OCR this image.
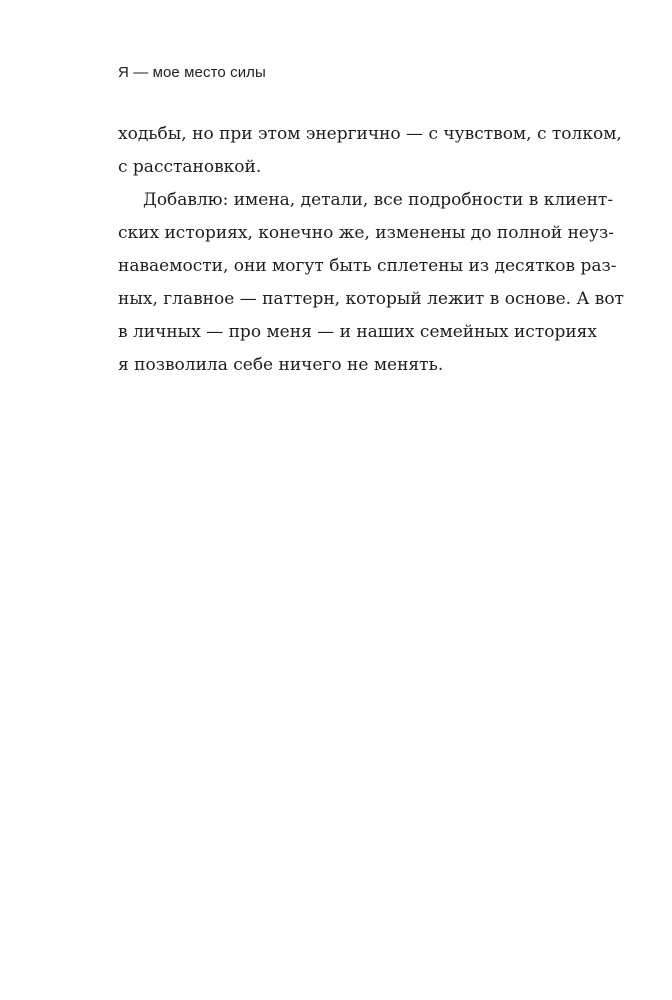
Я — мое место силы
ходьбы, но при этом энергично — с чувством, с толком,
с расстановкой.
Добавлю: имена, детали, все подробности в клиент-
ских историях, конечно же, изменены до полной неуз-
наваемости, они могут быть сплетены из десятков раз-
ных, главное — паттерн, который лежит в основе. А вот
в личных — про меня — и наших семейных историях
я позволила себе ничего не менять.
